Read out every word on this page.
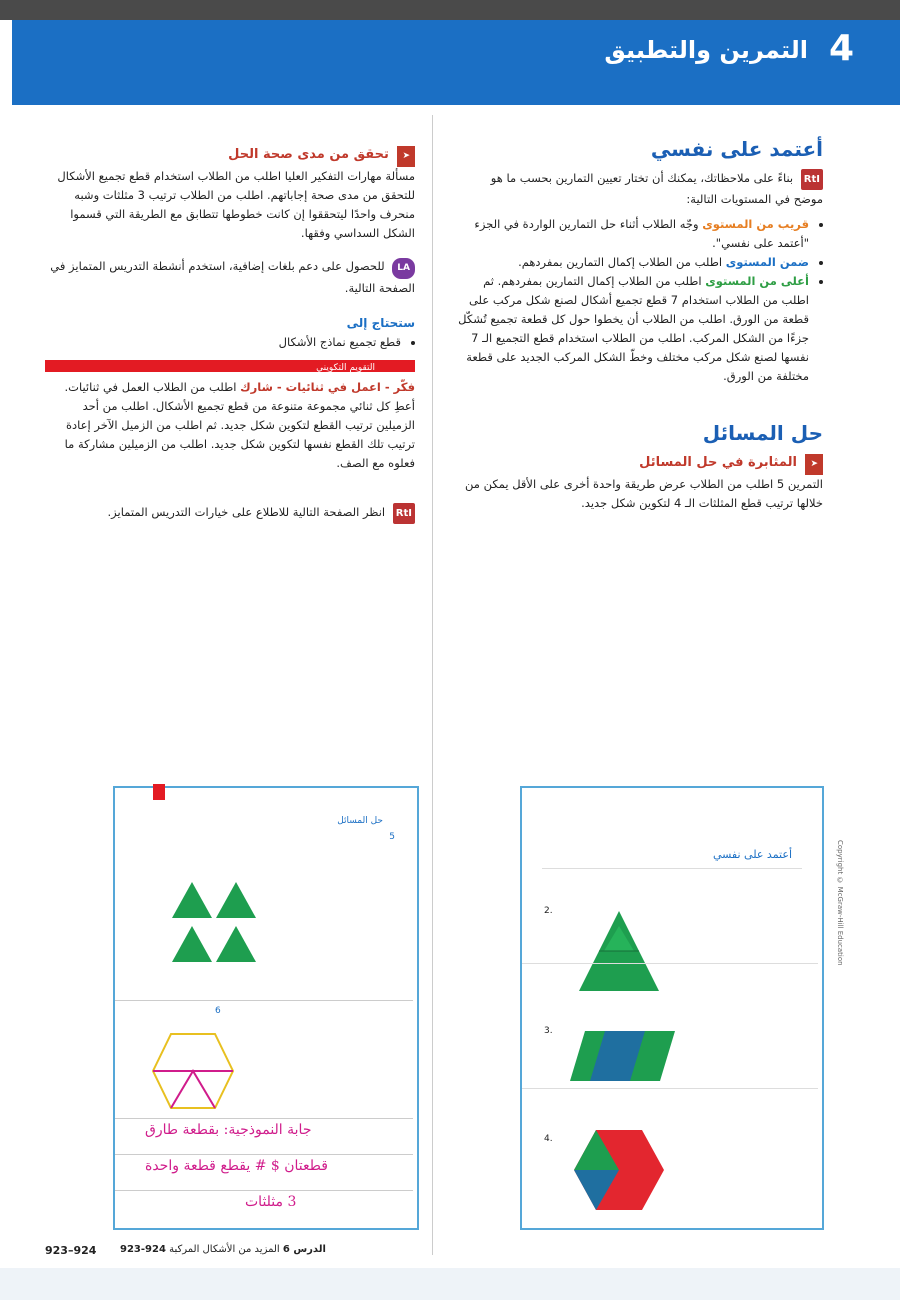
4
التمرين والتطبيق
أعتمد على نفسي
RtI بناءً على ملاحظاتك، يمكنك أن تختار تعيين التمارين بحسب ما هو موضح في المستويات التالية:
• قريب من المستوى وجّه الطلاب أثناء حل التمارين الواردة في الجزء "أعتمد على نفسي".
• ضمن المستوى اطلب من الطلاب إكمال التمارين بمفردهم.
• أعلى من المستوى اطلب من الطلاب إكمال التمارين بمفردهم. ثم اطلب من الطلاب استخدام 7 قطع تجميع أشكال لصنع شكل مركب على قطعة من الورق. اطلب من الطلاب أن يخطوا حول كل قطعة تجميع تُشكّل جزءًا من الشكل المركب. اطلب من الطلاب استخدام قطع التجميع الـ 7 نفسها لصنع شكل مركب مختلف وخطّ الشكل المركب الجديد على قطعة مختلفة من الورق.
حل المسائل
➤ المثابرة في حل المسائل
التمرين 5 اطلب من الطلاب عرض طريقة واحدة أخرى على الأقل يمكن من خلالها ترتيب قطع المثلثات الـ 4 لتكوين شكل جديد.
➤ تحقق من مدى صحة الحل
مسألة مهارات التفكير العليا اطلب من الطلاب استخدام قطع تجميع الأشكال للتحقق من مدى صحة إجاباتهم. اطلب من الطلاب ترتيب 3 مثلثات وشبه منحرف واحدًا ليتحققوا إن كانت خطوطها تتطابق مع الطريقة التي قسموا الشكل السداسي وفقها.
LA للحصول على دعم بلغات إضافية، استخدم أنشطة التدريس المتمايز في الصفحة التالية.
ستحتاج إلى
• قطع تجميع نماذج الأشكال
التقويم التكويني
فكّر - اعمل في ثنائيات - شارك اطلب من الطلاب العمل في ثنائيات. أعطِ كل ثنائي مجموعة متنوعة من قطع تجميع الأشكال. اطلب من أحد الزميلين ترتيب القطع لتكوين شكل جديد. ثم اطلب من الزميل الآخر إعادة ترتيب تلك القطع نفسها لتكوين شكل جديد. اطلب من الزميلين مشاركة ما فعلوه مع الصف.
RtI انظر الصفحة التالية للاطلاع على خيارات التدريس المتمايز.
أعتمد على نفسي
2.
3.
4.
حل المسائل
5
6
جابة النموذجية: بقطعة طارق
قطعتان $ # يقطع قطعة واحدة
3 مثلثات
Copyright © McGraw-Hill Education
923–924	الدرس 6 المزيد من الأشكال المركبة 924-923
